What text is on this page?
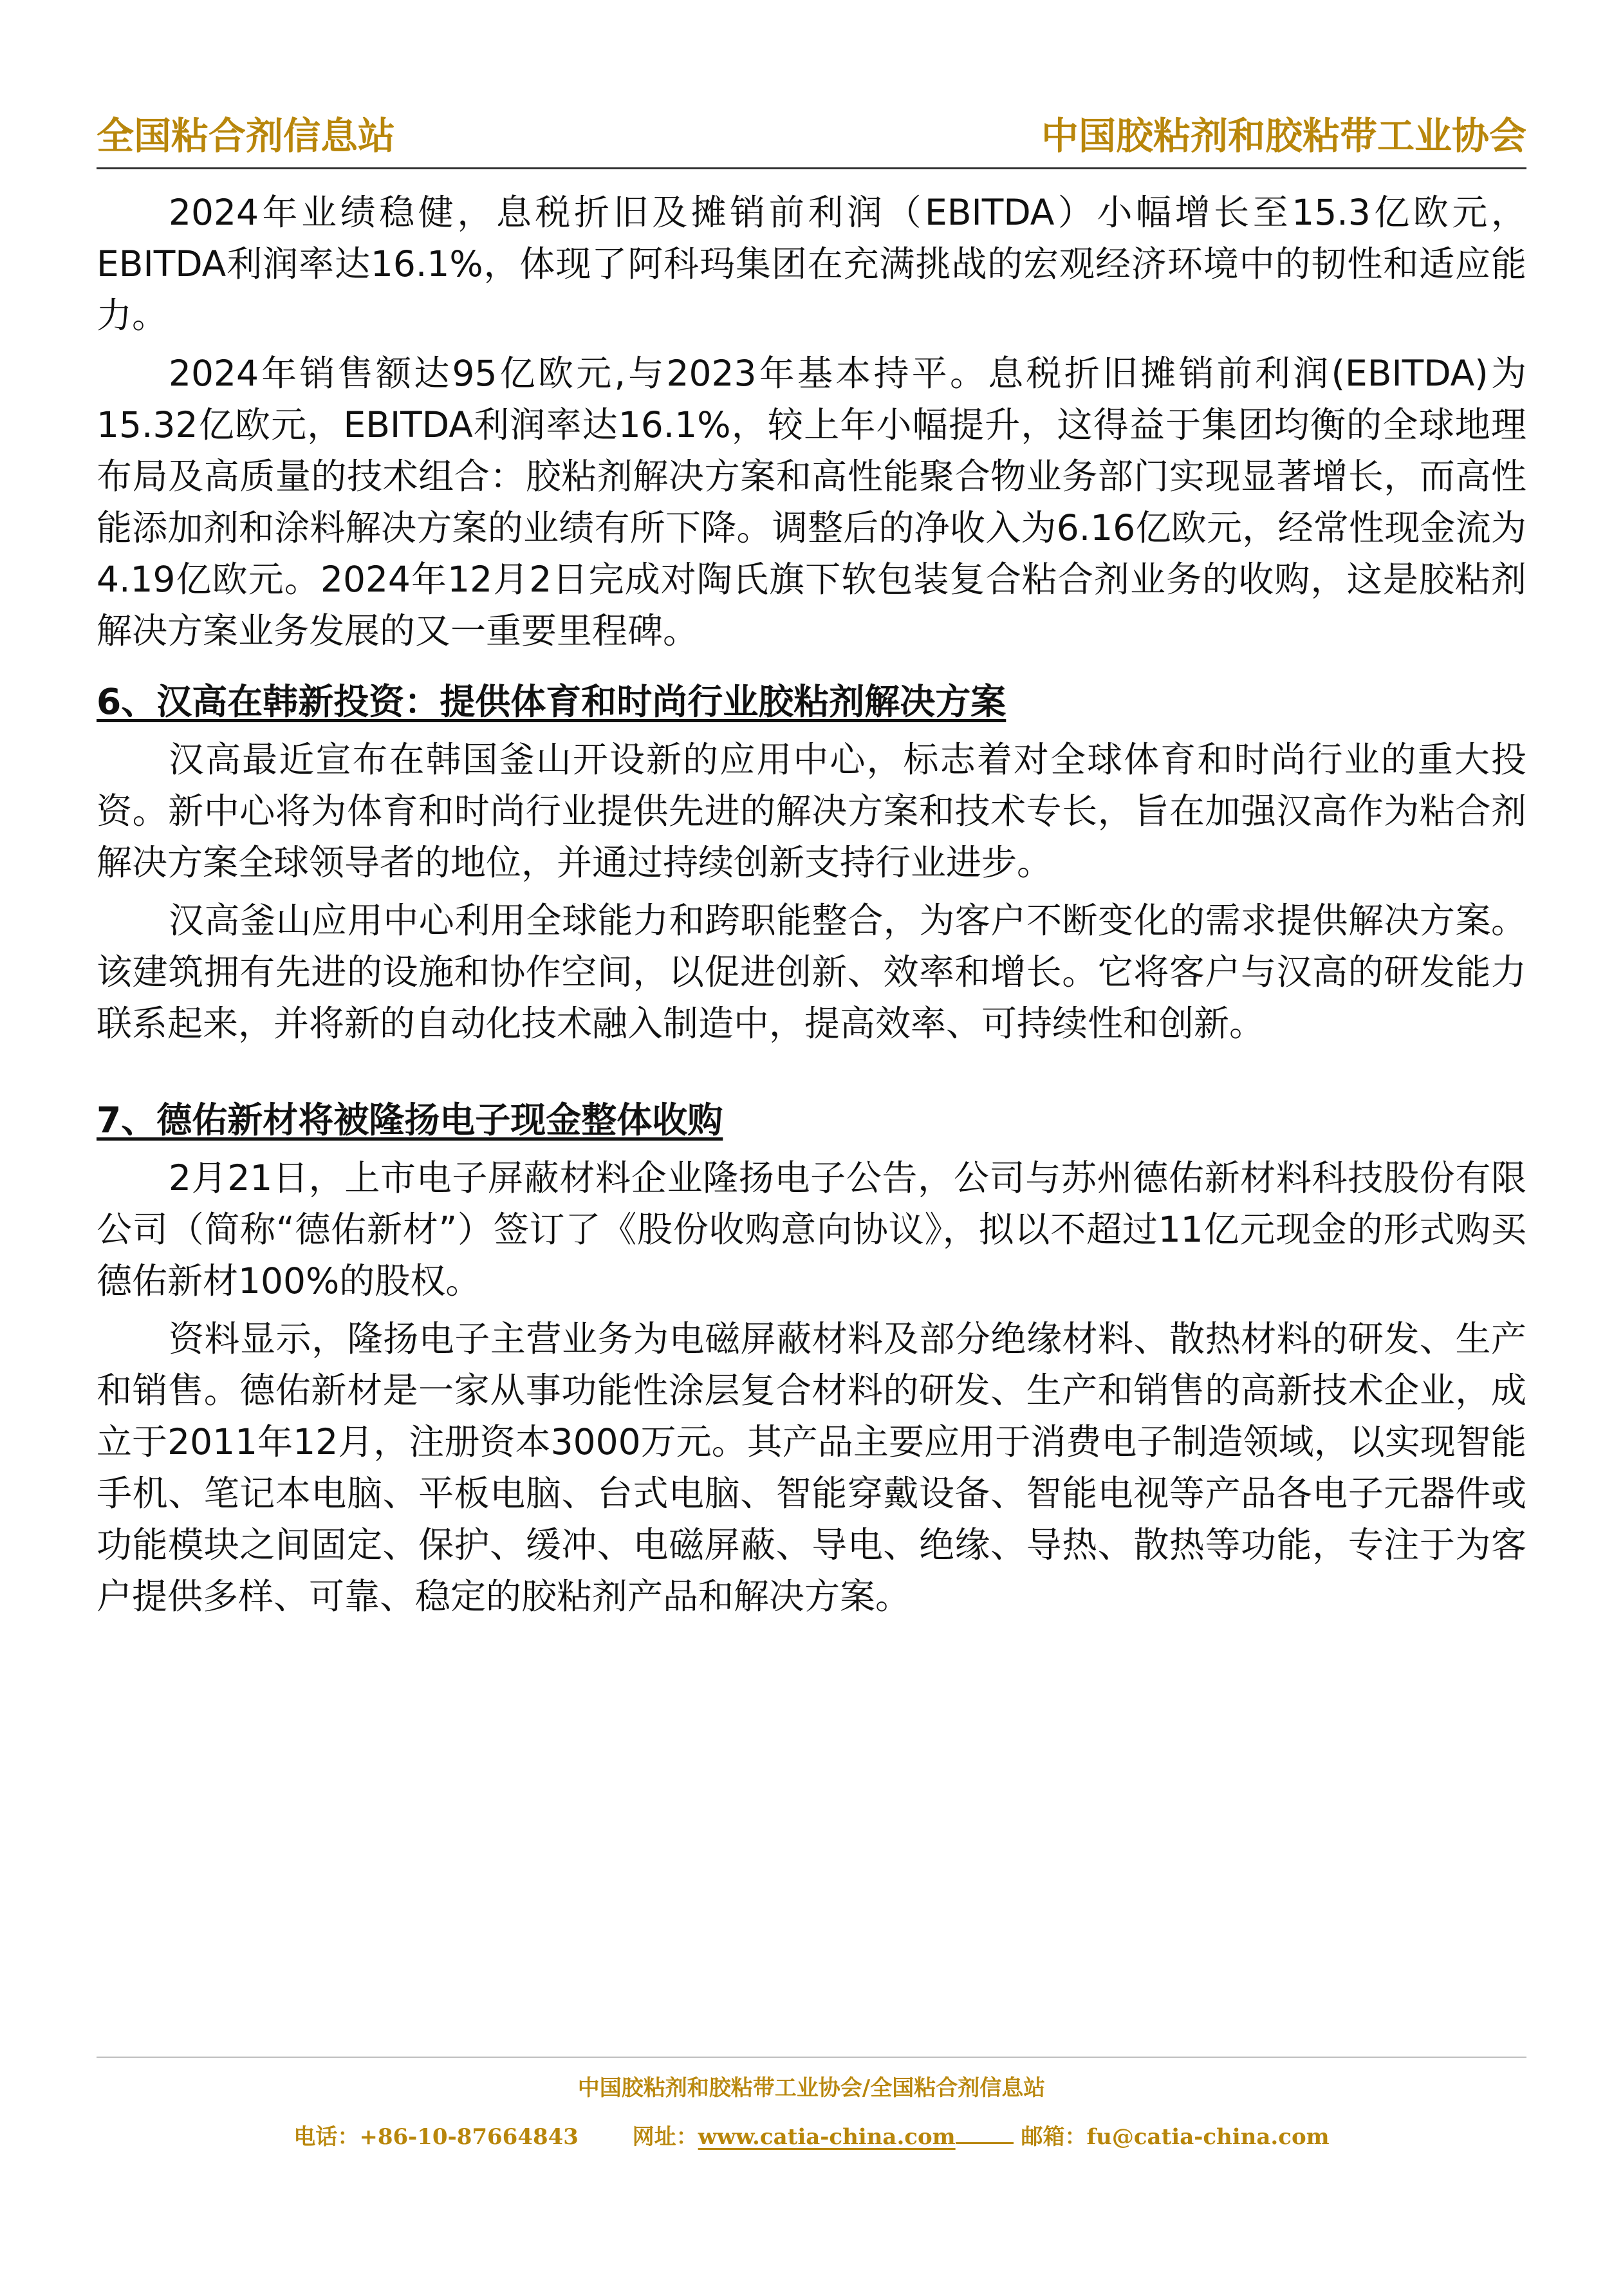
全国粘合剂信息站	中国胶粘剂和胶粘带工业协会

2024年业绩稳健，息税折旧及摊销前利润（EBITDA）小幅增长至15.3亿欧元，EBITDA利润率达16.1%，体现了阿科玛集团在充满挑战的宏观经济环境中的韧性和适应能力。

2024年销售额达95亿欧元,与2023年基本持平。息税折旧摊销前利润(EBITDA)为15.32亿欧元，EBITDA利润率达16.1%，较上年小幅提升，这得益于集团均衡的全球地理布局及高质量的技术组合：胶粘剂解决方案和高性能聚合物业务部门实现显著增长，而高性能添加剂和涂料解决方案的业绩有所下降。调整后的净收入为6.16亿欧元，经常性现金流为4.19亿欧元。2024年12月2日完成对陶氏旗下软包装复合粘合剂业务的收购，这是胶粘剂解决方案业务发展的又一重要里程碑。

6、汉高在韩新投资：提供体育和时尚行业胶粘剂解决方案

汉高最近宣布在韩国釜山开设新的应用中心，标志着对全球体育和时尚行业的重大投资。新中心将为体育和时尚行业提供先进的解决方案和技术专长，旨在加强汉高作为粘合剂解决方案全球领导者的地位，并通过持续创新支持行业进步。

汉高釜山应用中心利用全球能力和跨职能整合，为客户不断变化的需求提供解决方案。该建筑拥有先进的设施和协作空间，以促进创新、效率和增长。它将客户与汉高的研发能力联系起来，并将新的自动化技术融入制造中，提高效率、可持续性和创新。

7、德佑新材将被隆扬电子现金整体收购

2月21日，上市电子屏蔽材料企业隆扬电子公告，公司与苏州德佑新材料科技股份有限公司（简称“德佑新材”）签订了《股份收购意向协议》，拟以不超过11亿元现金的形式购买德佑新材100%的股权。

资料显示，隆扬电子主营业务为电磁屏蔽材料及部分绝缘材料、散热材料的研发、生产和销售。德佑新材是一家从事功能性涂层复合材料的研发、生产和销售的高新技术企业，成立于2011年12月，注册资本3000万元。其产品主要应用于消费电子制造领域，以实现智能手机、笔记本电脑、平板电脑、台式电脑、智能穿戴设备、智能电视等产品各电子元器件或功能模块之间固定、保护、缓冲、电磁屏蔽、导电、绝缘、导热、散热等功能，专注于为客户提供多样、可靠、稳定的胶粘剂产品和解决方案。

中国胶粘剂和胶粘带工业协会/全国粘合剂信息站
电话：+86-10-87664843 网址：www.catia-china.com	邮箱：fu@catia-china.com
